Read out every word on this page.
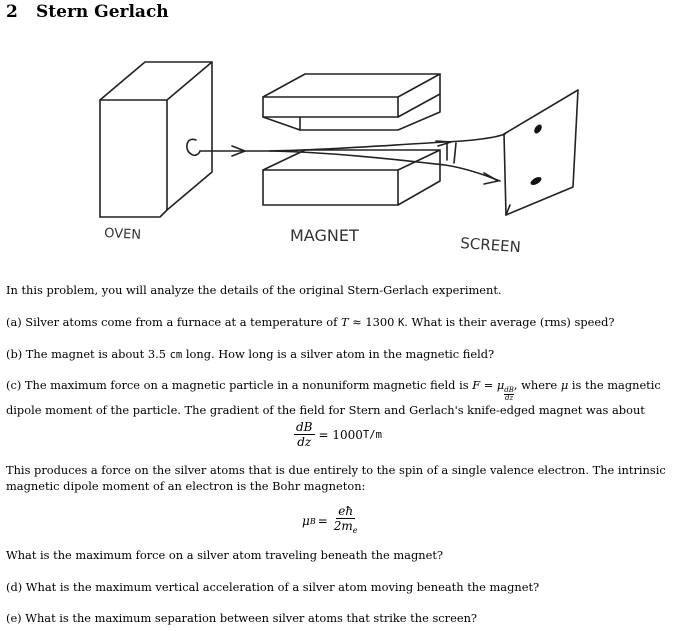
2 Stern Gerlach
OVEN	MAGNET	SCREEN
In this problem, you will analyze the details of the original Stern-Gerlach experiment.
(a) Silver atoms come from a furnace at a temperature of T ≈ 1300 K. What is their average (rms) speed?
(b) The magnet is about 3.5 cm long. How long is a silver atom in the magnetic field?
(c) The maximum force on a magnetic particle in a nonuniform magnetic field is F = μ
$\frac{dB}{dz}$
, where μ is the magnetic dipole moment of the particle. The gradient of the field for Stern and Gerlach's knife-edged magnet was about
$\frac{dB}{dz} = 1000$ T/m
This produces a force on the silver atoms that is due entirely to the spin of a single valence electron. The intrinsic magnetic dipole moment of an electron is the Bohr magneton:
μ $B = \frac{eħ}{2m_e}$
What is the maximum force on a silver atom traveling beneath the magnet?
(d) What is the maximum vertical acceleration of a silver atom moving beneath the magnet?
(e) What is the maximum separation between silver atoms that strike the screen?
